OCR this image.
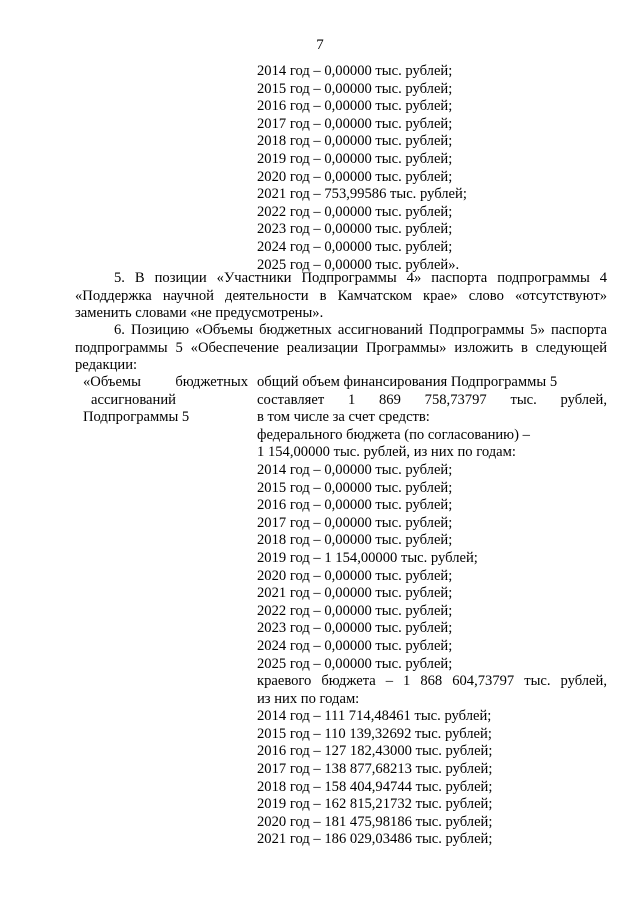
7
2014 год – 0,00000 тыс. рублей;
2015 год – 0,00000 тыс. рублей;
2016 год – 0,00000 тыс. рублей;
2017 год – 0,00000 тыс. рублей;
2018 год – 0,00000 тыс. рублей;
2019 год – 0,00000 тыс. рублей;
2020 год – 0,00000 тыс. рублей;
2021 год – 753,99586 тыс. рублей;
2022 год – 0,00000 тыс. рублей;
2023 год – 0,00000 тыс. рублей;
2024 год – 0,00000 тыс. рублей;
2025 год – 0,00000 тыс. рублей».
5. В позиции «Участники Подпрограммы 4» паспорта подпрограммы 4 «Поддержка научной деятельности в Камчатском крае» слово «отсутствуют» заменить словами «не предусмотрены».
6. Позицию «Объемы бюджетных ассигнований Подпрограммы 5» паспорта подпрограммы 5 «Обеспечение реализации Программы» изложить в следующей редакции:
«Объемы бюджетных
ассигнований
Подпрограммы 5
общий объем финансирования Подпрограммы 5
составляет 1 869 758,73797 тыс. рублей,
в том числе за счет средств:
федерального бюджета (по согласованию) –
1 154,00000 тыс. рублей, из них по годам:
2014 год – 0,00000 тыс. рублей;
2015 год – 0,00000 тыс. рублей;
2016 год – 0,00000 тыс. рублей;
2017 год – 0,00000 тыс. рублей;
2018 год – 0,00000 тыс. рублей;
2019 год – 1 154,00000 тыс. рублей;
2020 год – 0,00000 тыс. рублей;
2021 год – 0,00000 тыс. рублей;
2022 год – 0,00000 тыс. рублей;
2023 год – 0,00000 тыс. рублей;
2024 год – 0,00000 тыс. рублей;
2025 год – 0,00000 тыс. рублей;
краевого бюджета – 1 868 604,73797 тыс. рублей,
из них по годам:
2014 год – 111 714,48461 тыс. рублей;
2015 год – 110 139,32692 тыс. рублей;
2016 год – 127 182,43000 тыс. рублей;
2017 год – 138 877,68213 тыс. рублей;
2018 год – 158 404,94744 тыс. рублей;
2019 год – 162 815,21732 тыс. рублей;
2020 год – 181 475,98186 тыс. рублей;
2021 год – 186 029,03486 тыс. рублей;
